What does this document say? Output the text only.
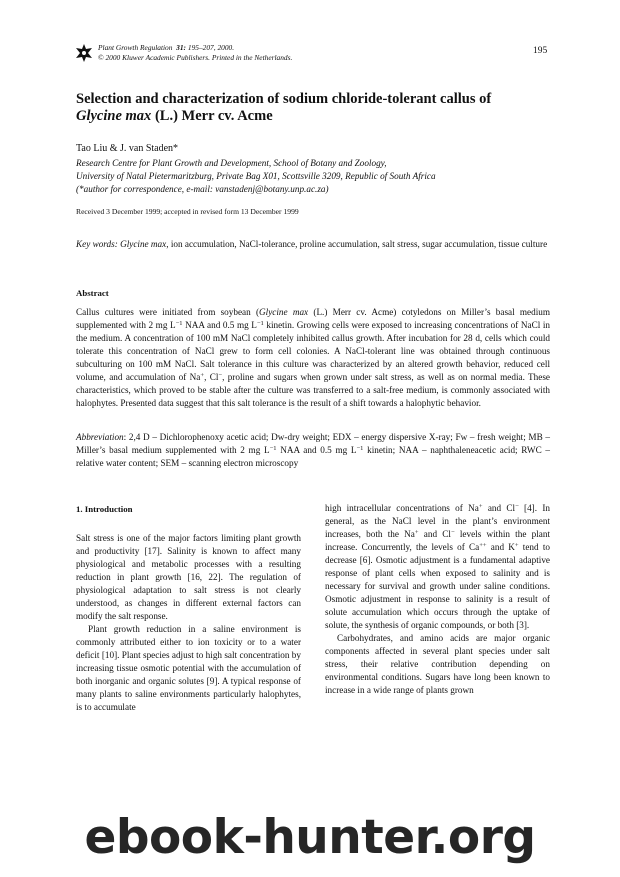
Plant Growth Regulation 31: 195–207, 2000.
© 2000 Kluwer Academic Publishers. Printed in the Netherlands.
195
Selection and characterization of sodium chloride-tolerant callus of
Glycine max (L.) Merr cv. Acme
Tao Liu & J. van Staden*
Research Centre for Plant Growth and Development, School of Botany and Zoology,
University of Natal Pietermaritzburg, Private Bag X01, Scottsville 3209, Republic of South Africa
(*author for correspondence, e-mail: vanstadenj@botany.unp.ac.za)
Received 3 December 1999; accepted in revised form 13 December 1999
Key words: Glycine max, ion accumulation, NaCl-tolerance, proline accumulation, salt stress, sugar accumulation, tissue culture
Abstract
Callus cultures were initiated from soybean (Glycine max (L.) Merr cv. Acme) cotyledons on Miller’s basal medium supplemented with 2 mg $L^{-1}$ NAA and 0.5 mg $L^{-1}$ kinetin. Growing cells were exposed to increasing concentrations of NaCl in the medium. A concentration of 100 mM NaCl completely inhibited callus growth. After incubation for 28 d, cells which could tolerate this concentration of NaCl grew to form cell colonies. A NaCl-tolerant line was obtained through continuous subculturing on 100 mM NaCl. Salt tolerance in this culture was characterized by an altered growth behavior, reduced cell volume, and accumulation of Na+, Cl−, proline and sugars when grown under salt stress, as well as on normal media. These characteristics, which proved to be stable after the culture was transferred to a salt-free medium, is commonly associated with halophytes. Presented data suggest that this salt tolerance is the result of a shift towards a halophytic behavior.
Abbreviation: 2,4 D – Dichlorophenoxy acetic acid; Dw-dry weight; EDX – energy dispersive X-ray; Fw – fresh weight; MB – Miller’s basal medium supplemented with 2 mg $L^{-1}$ NAA and 0.5 mg $L^{-1}$ kinetin; NAA – naphthaleneacetic acid; RWC – relative water content; SEM – scanning electron microscopy
1. Introduction

Salt stress is one of the major factors limiting plant growth and productivity [17]. Salinity is known to affect many physiological and metabolic processes with a resulting reduction in plant growth [16, 22]. The regulation of physiological adaptation to salt stress is not clearly understood, as changes in different external factors can modify the salt response.

Plant growth reduction in a saline environment is commonly attributed either to ion toxicity or to a water deficit [10]. Plant species adjust to high salt concentration by increasing tissue osmotic potential with the accumulation of both inorganic and organic solutes [9]. A typical response of many plants to saline environments particularly halophytes, is to accumulate

high intracellular concentrations of Na+ and Cl− [4]. In general, as the NaCl level in the plant’s environment increases, both the Na+ and Cl− levels within the plant increase. Concurrently, the levels of Ca++ and K+ tend to decrease [6]. Osmotic adjustment is a fundamental adaptive response of plant cells when exposed to salinity and is necessary for survival and growth under saline conditions. Osmotic adjustment in response to salinity is a result of solute accumulation which occurs through the uptake of solute, the synthesis of organic compounds, or both [3].

Carbohydrates, and amino acids are major organic components affected in several plant species under salt stress, their relative contribution depending on environmental conditions. Sugars have long been known to increase in a wide range of plants grown

ebook-hunter.org
